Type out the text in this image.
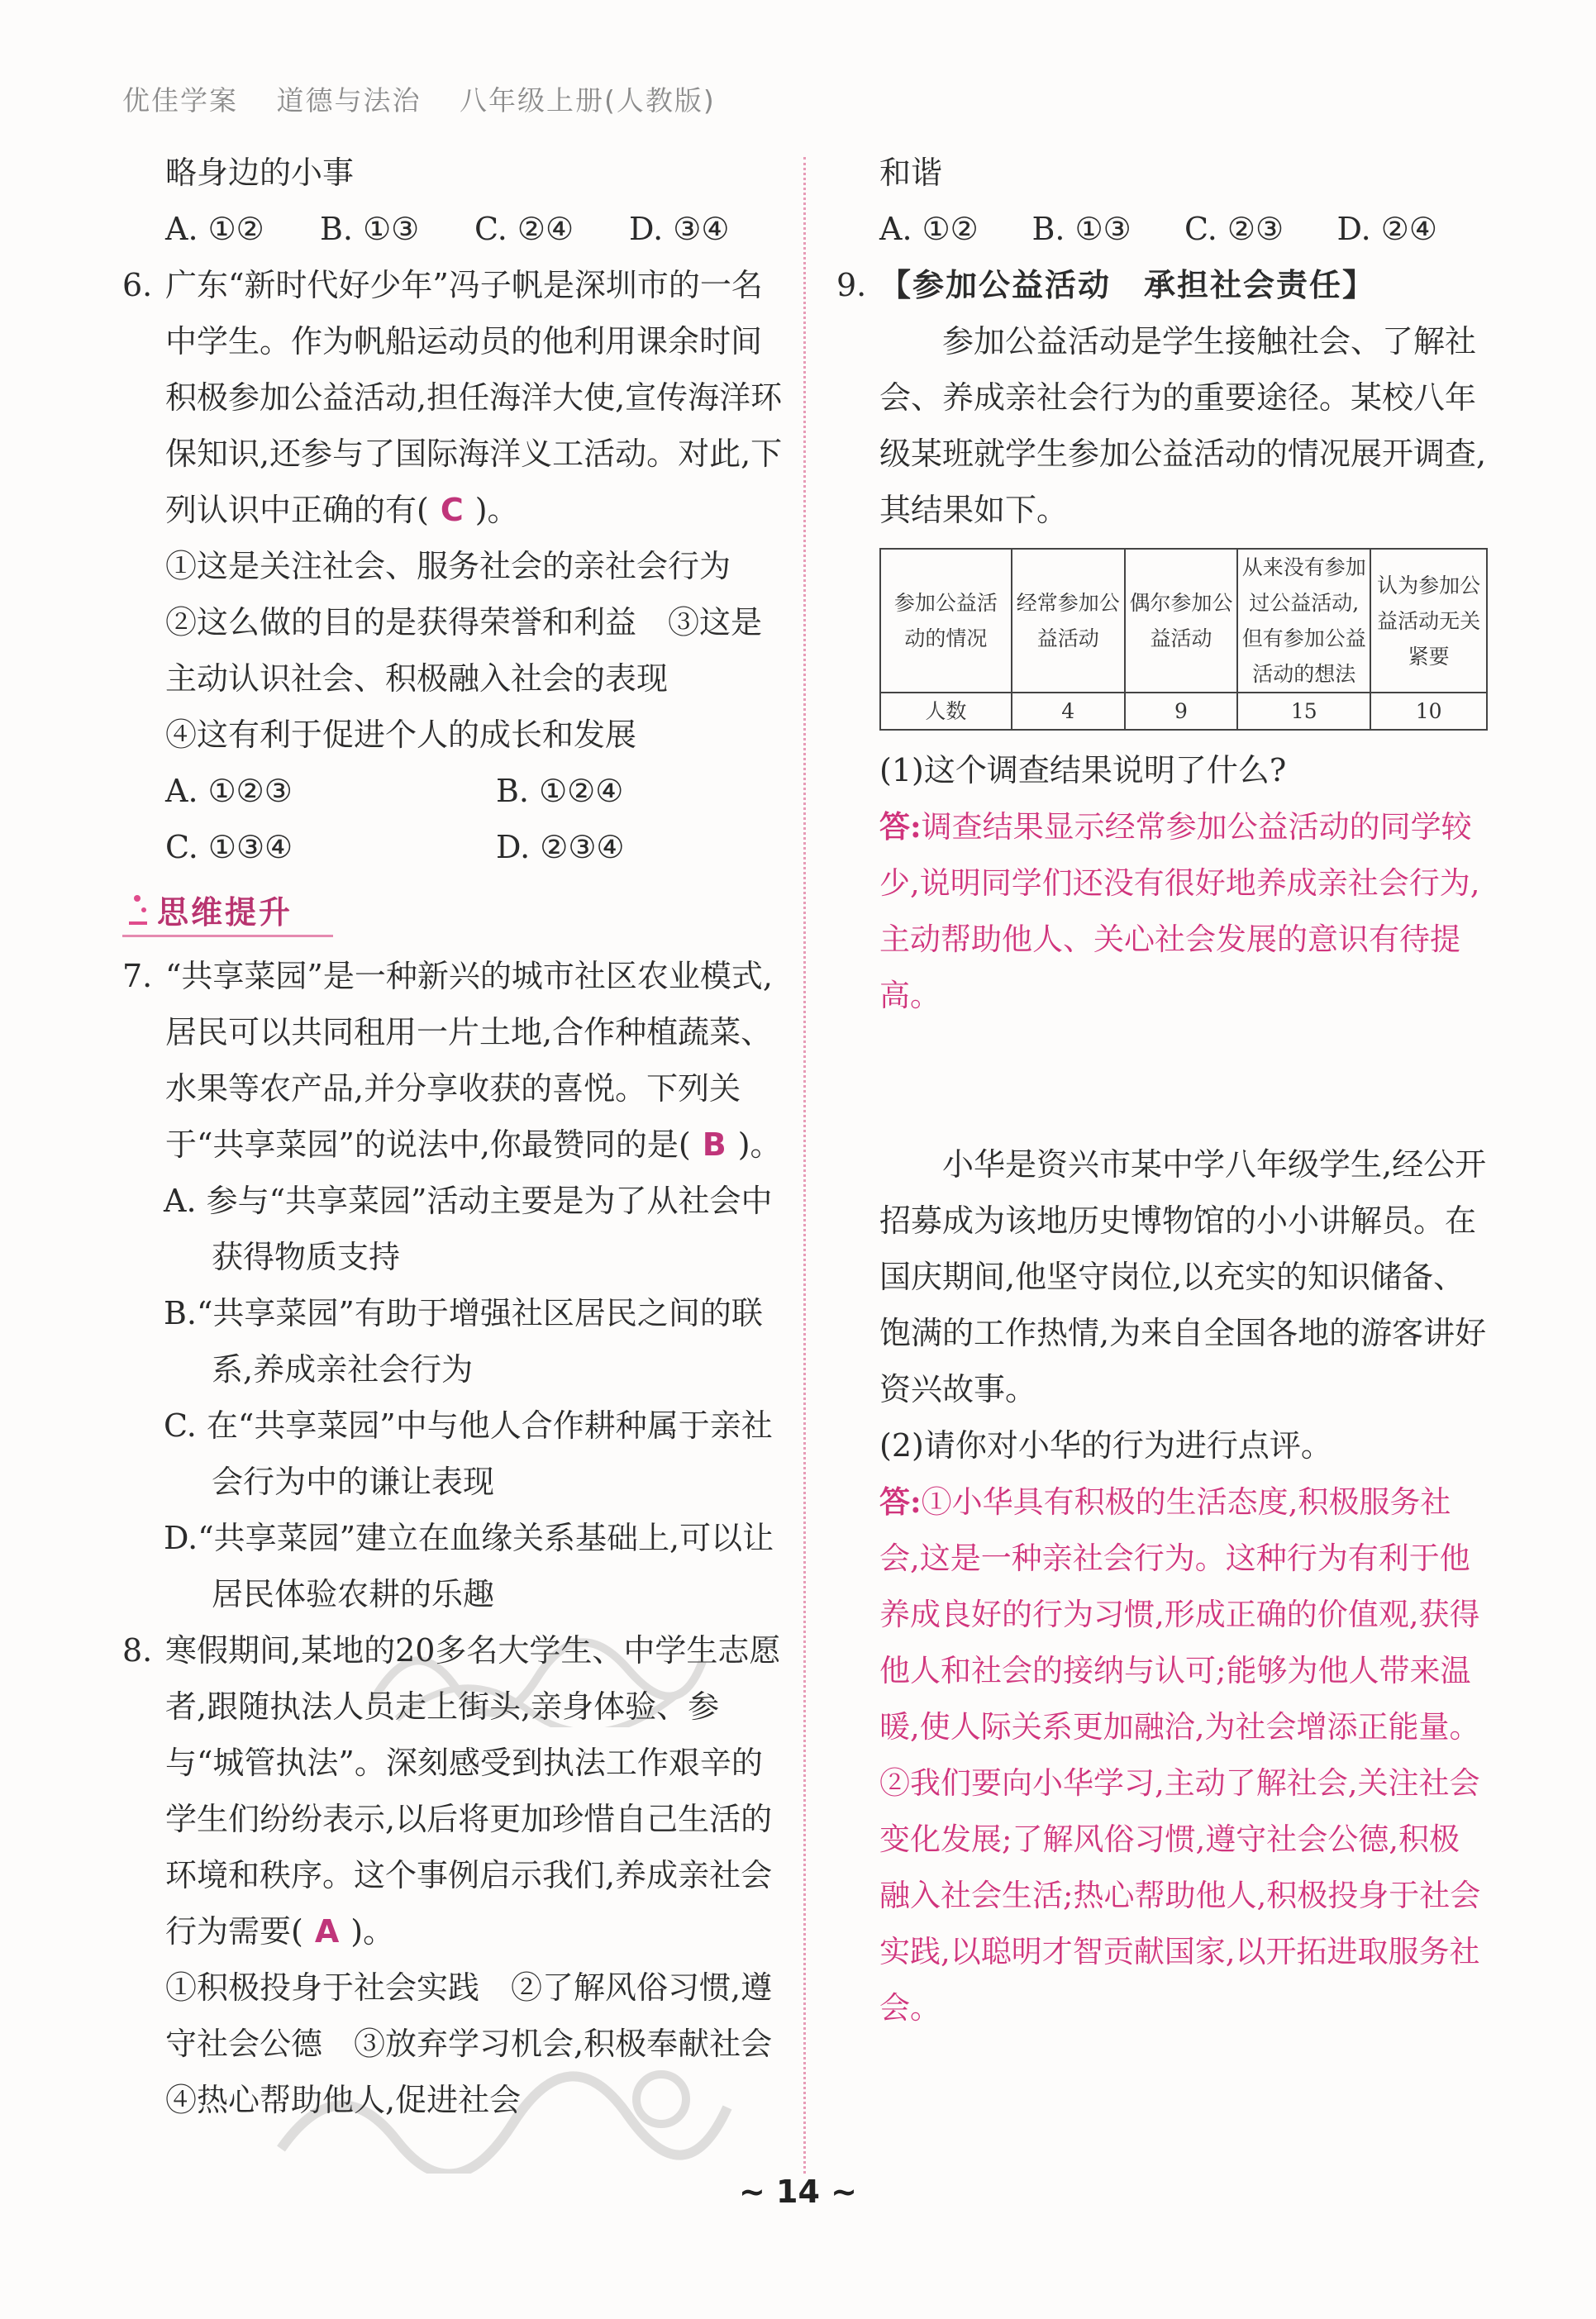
优佳学案 道德与法治 八年级上册(人教版)

略身边的小事

A. ①②	B. ①③	C. ②④	D. ③④

6. 广东“新时代好少年”冯子帆是深圳市的一名中学生。作为帆船运动员的他利用课余时间积极参加公益活动,担任海洋大使,宣传海洋环保知识,还参与了国际海洋义工活动。对此,下列认识中正确的有( C )。

①这是关注社会、服务社会的亲社会行为

②这么做的目的是获得荣誉和利益　③这是主动认识社会、积极融入社会的表现

④这有利于促进个人的成长和发展

A. ①②③	B. ①②④
C. ①③④	D. ②③④
思维提升

7. “共享菜园”是一种新兴的城市社区农业模式,居民可以共同租用一片土地,合作种植蔬菜、水果等农产品,并分享收获的喜悦。下列关于“共享菜园”的说法中,你最赞同的是( B )。

A. 参与“共享菜园”活动主要是为了从社会中获得物质支持

B.“共享菜园”有助于增强社区居民之间的联系,养成亲社会行为

C. 在“共享菜园”中与他人合作耕种属于亲社会行为中的谦让表现

D.“共享菜园”建立在血缘关系基础上,可以让居民体验农耕的乐趣

8. 寒假期间,某地的20多名大学生、中学生志愿者,跟随执法人员走上街头,亲身体验、参与“城管执法”。深刻感受到执法工作艰辛的学生们纷纷表示,以后将更加珍惜自己生活的环境和秩序。这个事例启示我们,养成亲社会行为需要( A )。

①积极投身于社会实践　②了解风俗习惯,遵守社会公德　③放弃学习机会,积极奉献社会　④热心帮助他人,促进社会

和谐

A. ①②	B. ①③	C. ②③	D. ②④

9. 【参加公益活动　承担社会责任】

参加公益活动是学生接触社会、了解社会、养成亲社会行为的重要途径。某校八年级某班就学生参加公益活动的情况展开调查,其结果如下。

参加公益活动的情况	经常参加公益活动	偶尔参加公益活动	从来没有参加过公益活动,但有参加公益活动的想法	认为参加公益活动无关紧要
人数	4	9	15	10

(1)这个调查结果说明了什么?

答:调查结果显示经常参加公益活动的同学较少,说明同学们还没有很好地养成亲社会行为,主动帮助他人、关心社会发展的意识有待提高。

小华是资兴市某中学八年级学生,经公开招募成为该地历史博物馆的小小讲解员。在国庆期间,他坚守岗位,以充实的知识储备、饱满的工作热情,为来自全国各地的游客讲好资兴故事。

(2)请你对小华的行为进行点评。

答:①小华具有积极的生活态度,积极服务社会,这是一种亲社会行为。这种行为有利于他养成良好的行为习惯,形成正确的价值观,获得他人和社会的接纳与认可;能够为他人带来温暖,使人际关系更加融洽,为社会增添正能量。②我们要向小华学习,主动了解社会,关注社会变化发展;了解风俗习惯,遵守社会公德,积极融入社会生活;热心帮助他人,积极投身于社会实践,以聪明才智贡献国家,以开拓进取服务社会。

~ 14 ~
